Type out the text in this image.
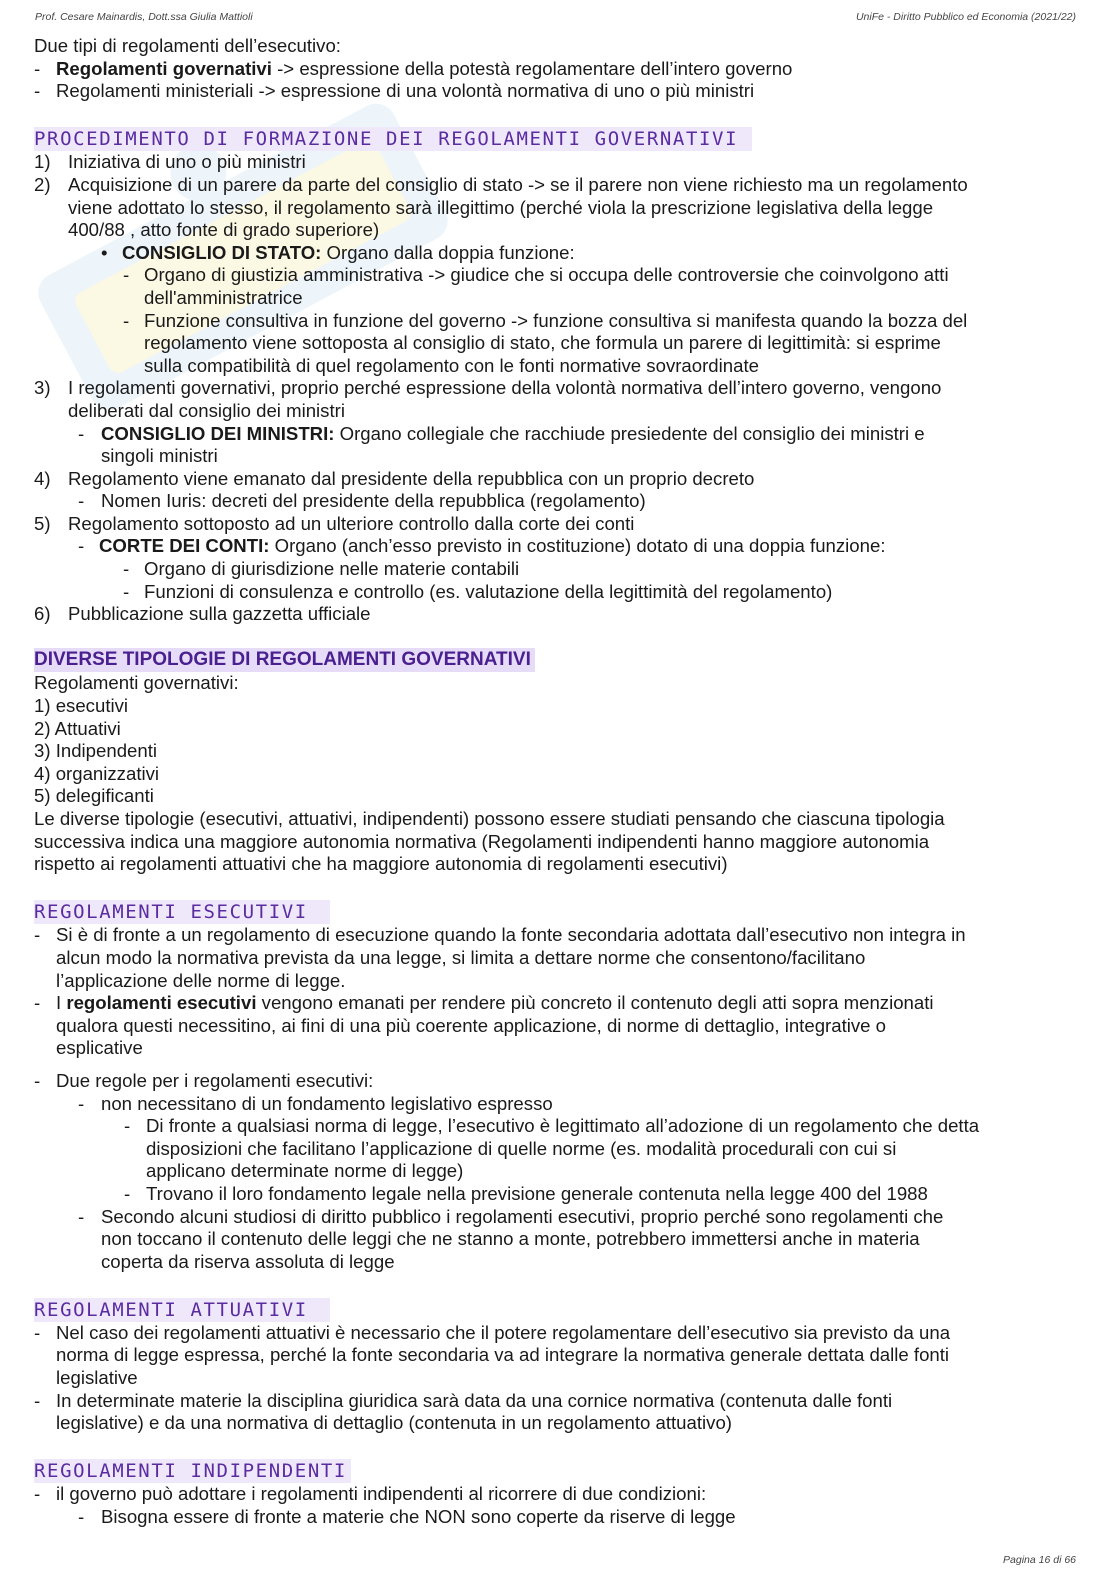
Prof. Cesare Mainardis, Dott.ssa Giulia Mattioli	UniFe - Diritto Pubblico ed Economia (2021/22)
Due tipi di regolamenti dell’esecutivo:
- Regolamenti governativi -> espressione della potestà regolamentare dell’intero governo
- Regolamenti ministeriali -> espressione di una volontà normativa di uno o più ministri
PROCEDIMENTO DI FORMAZIONE DEI REGOLAMENTI GOVERNATIVI
1) Iniziativa di uno o più ministri
2) Acquisizione di un parere da parte del consiglio di stato -> se il parere non viene richiesto ma un regolamento
viene adottato lo stesso, il regolamento sarà illegittimo (perché viola la prescrizione legislativa della legge
400/88 , atto fonte di grado superiore)
• CONSIGLIO DI STATO: Organo dalla doppia funzione:
- Organo di giustizia amministrativa -> giudice che si occupa delle controversie che coinvolgono atti
dell'amministratrice
- Funzione consultiva in funzione del governo -> funzione consultiva si manifesta quando la bozza del
regolamento viene sottoposta al consiglio di stato, che formula un parere di legittimità: si esprime
sulla compatibilità di quel regolamento con le fonti normative sovraordinate
3) I regolamenti governativi, proprio perché espressione della volontà normativa dell’intero governo, vengono
deliberati dal consiglio dei ministri
- CONSIGLIO DEI MINISTRI: Organo collegiale che racchiude presiedente del consiglio dei ministri e
singoli ministri
4) Regolamento viene emanato dal presidente della repubblica con un proprio decreto
- Nomen Iuris: decreti del presidente della repubblica (regolamento)
5) Regolamento sottoposto ad un ulteriore controllo dalla corte dei conti
- CORTE DEI CONTI: Organo (anch’esso previsto in costituzione) dotato di una doppia funzione:
- Organo di giurisdizione nelle materie contabili
- Funzioni di consulenza e controllo (es. valutazione della legittimità del regolamento)
6) Pubblicazione sulla gazzetta ufficiale
DIVERSE TIPOLOGIE DI REGOLAMENTI GOVERNATIVI
Regolamenti governativi:
1) esecutivi
2) Attuativi
3) Indipendenti
4) organizzativi
5) delegificanti
Le diverse tipologie (esecutivi, attuativi, indipendenti) possono essere studiati pensando che ciascuna tipologia
successiva indica una maggiore autonomia normativa (Regolamenti indipendenti hanno maggiore autonomia
rispetto ai regolamenti attuativi che ha maggiore autonomia di regolamenti esecutivi)
REGOLAMENTI ESECUTIVI
- Si è di fronte a un regolamento di esecuzione quando la fonte secondaria adottata dall’esecutivo non integra in
alcun modo la normativa prevista da una legge, si limita a dettare norme che consentono/facilitano
l’applicazione delle norme di legge.
- I regolamenti esecutivi vengono emanati per rendere più concreto il contenuto degli atti sopra menzionati
qualora questi necessitino, ai fini di una più coerente applicazione, di norme di dettaglio, integrative o
esplicative
- Due regole per i regolamenti esecutivi:
- non necessitano di un fondamento legislativo espresso
- Di fronte a qualsiasi norma di legge, l’esecutivo è legittimato all’adozione di un regolamento che detta
disposizioni che facilitano l’applicazione di quelle norme (es. modalità procedurali con cui si
applicano determinate norme di legge)
- Trovano il loro fondamento legale nella previsione generale contenuta nella legge 400 del 1988
- Secondo alcuni studiosi di diritto pubblico i regolamenti esecutivi, proprio perché sono regolamenti che
non toccano il contenuto delle leggi che ne stanno a monte, potrebbero immettersi anche in materia
coperta da riserva assoluta di legge
REGOLAMENTI ATTUATIVI
- Nel caso dei regolamenti attuativi è necessario che il potere regolamentare dell’esecutivo sia previsto da una
norma di legge espressa, perché la fonte secondaria va ad integrare la normativa generale dettata dalle fonti
legislative
- In determinate materie la disciplina giuridica sarà data da una cornice normativa (contenuta dalle fonti
legislative) e da una normativa di dettaglio (contenuta in un regolamento attuativo)
REGOLAMENTI INDIPENDENTI
- il governo può adottare i regolamenti indipendenti al ricorrere di due condizioni:
- Bisogna essere di fronte a materie che NON sono coperte da riserve di legge
Pagina 16 di 66
